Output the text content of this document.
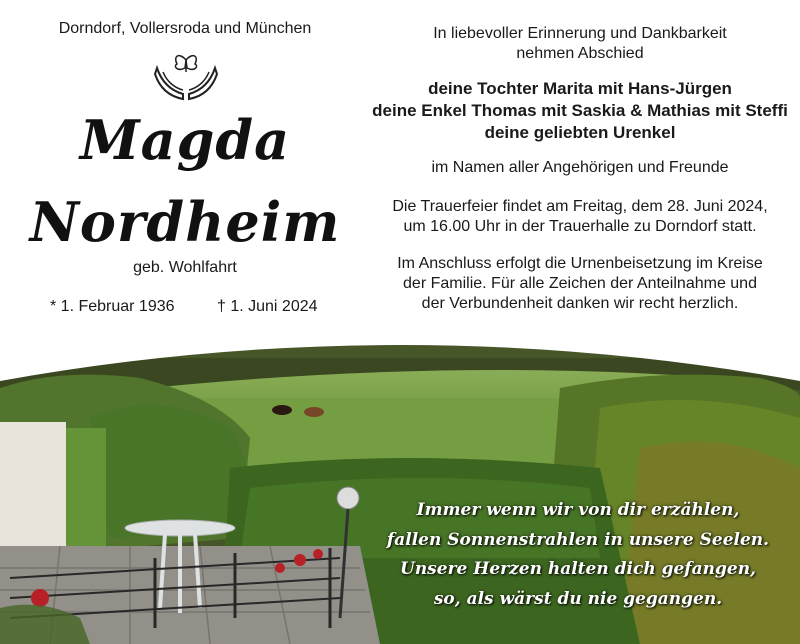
Dorndorf, Vollersroda und München
Magda
Nordheim
geb. Wohlfahrt
* 1. Februar 1936	† 1. Juni 2024
In liebevoller Erinnerung und Dankbarkeit
nehmen Abschied
deine Tochter Marita mit Hans-Jürgen
deine Enkel Thomas mit Saskia & Mathias mit Steffi
deine geliebten Urenkel
im Namen aller Angehörigen und Freunde
Die Trauerfeier findet am Freitag, dem 28. Juni 2024,
um 16.00 Uhr in der Trauerhalle zu Dorndorf statt.
Im Anschluss erfolgt die Urnenbeisetzung im Kreise
der Familie. Für alle Zeichen der Anteilnahme und
der Verbundenheit danken wir recht herzlich.
Immer wenn wir von dir erzählen,
fallen Sonnenstrahlen in unsere Seelen.
Unsere Herzen halten dich gefangen,
so, als wärst du nie gegangen.
